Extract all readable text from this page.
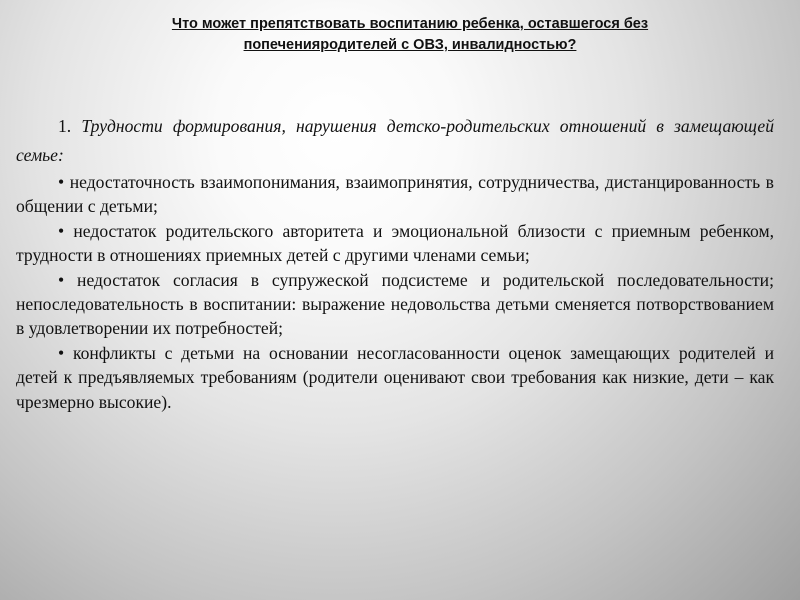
Что может препятствовать воспитанию ребенка, оставшегося без
попеченияродителей с ОВЗ, инвалидностью?

1. Трудности формирования, нарушения детско-родительских отношений в замещающей семье:

• недостаточность взаимопонимания, взаимопринятия, сотрудничества, дистанцированность в общении с детьми;

• недостаток родительского авторитета и эмоциональной близости с приемным ребенком, трудности в отношениях приемных детей с другими членами семьи;

• недостаток согласия в супружеской подсистеме и родительской последовательности; непоследовательность в воспитании: выражение недовольства детьми сменяется потворствованием в удовлетворении их потребностей;

• конфликты с детьми на основании несогласованности оценок замещающих родителей и детей к предъявляемых требованиям (родители оценивают свои требования как низкие, дети – как чрезмерно высокие).
